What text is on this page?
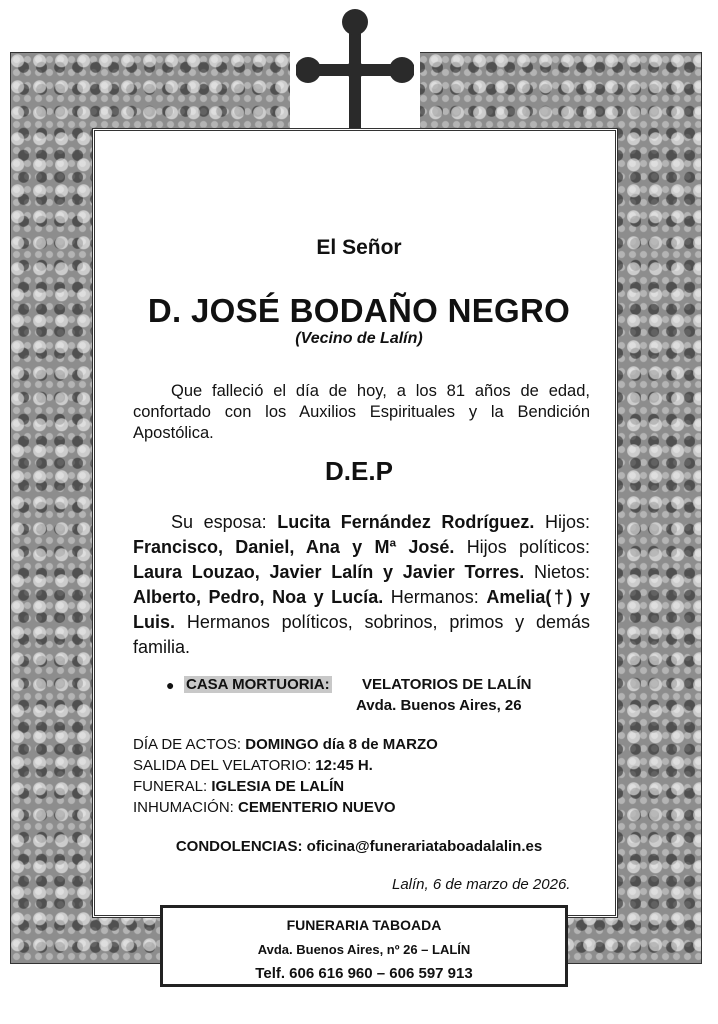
El Señor
D. JOSÉ BODAÑO NEGRO
(Vecino de Lalín)
Que falleció el día de hoy, a los 81 años de edad, confortado con los Auxilios Espirituales y la Bendición Apostólica.
D.E.P
Su esposa: Lucita Fernández Rodríguez. Hijos: Francisco, Daniel, Ana y Mª José. Hijos políticos: Laura Louzao, Javier Lalín y Javier Torres. Nietos: Alberto, Pedro, Noa y Lucía. Hermanos: Amelia(†) y Luis. Hermanos políticos, sobrinos, primos y demás familia.
● CASA MORTUORIA: VELATORIOS DE LALÍN
Avda. Buenos Aires, 26
DÍA DE ACTOS: DOMINGO día 8 de MARZO
SALIDA DEL VELATORIO: 12:45 H.
FUNERAL: IGLESIA DE LALÍN
INHUMACIÓN: CEMENTERIO NUEVO
CONDOLENCIAS: oficina@funerariataboadalalin.es
Lalín, 6 de marzo de 2026.
FUNERARIA TABOADA
Avda. Buenos Aires, nº 26 – LALÍN
Telf. 606 616 960 – 606 597 913
